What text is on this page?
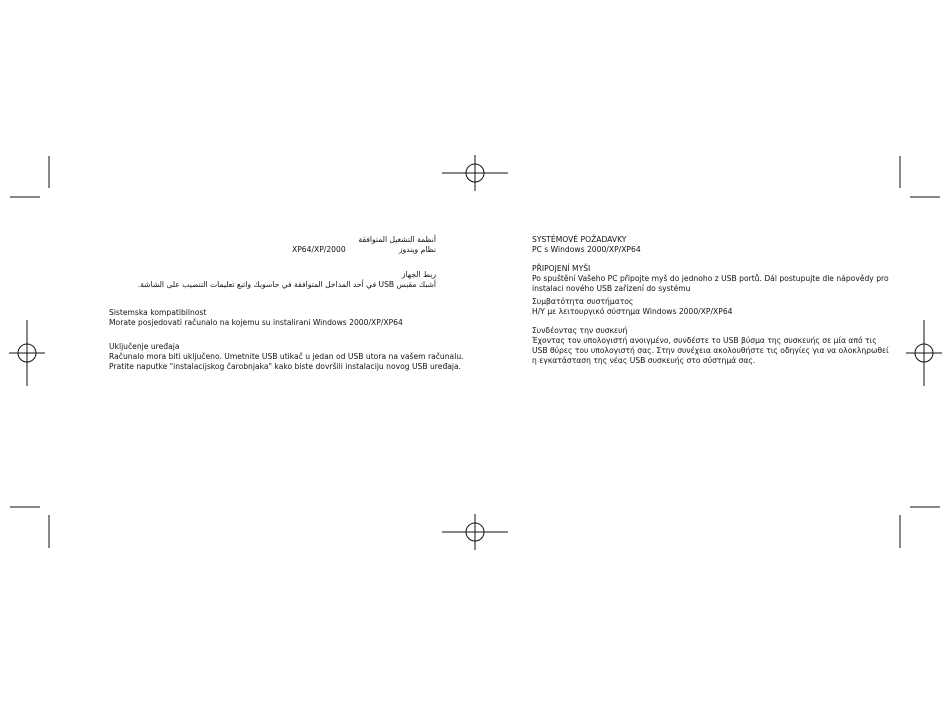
أنظمة التشغيل المتوافقة
نظام ويندوز
XP64/XP/2000
ربط الجهاز
أشبك مقبس USB في أحد المداخل المتوافقة في حاسوبك واتبع تعليمات التنصيب على الشاشة.
Sistemska kompatibilnost
Morate posjedovati računalo na kojemu su instalirani Windows 2000/XP/XP64
Uključenje uređaja
Računalo mora biti uključeno. Umetnite USB utikač u jedan od USB utora na vašem računalu.
Pratite naputke "instalacijskog čarobnjaka" kako biste dovršili instalaciju novog USB uređaja.
SYSTÉMOVÉ POŽADAVKY
PC s Windows 2000/XP/XP64
PŘIPOJENÍ MYŠI
Po spuštění Vašeho PC připojte myš do jednoho z USB portů. Dál postupujte dle nápovědy pro
instalaci nového USB zařízení do systému
Συμβατότητα συστήματος
Η/Υ με λειτουργικό σύστημα Windows 2000/XP/XP64
Συνδέοντας την συσκευή
Έχοντας τον υπολογιστή ανοιγμένο, συνδέστε το USB βύσμα της συσκευής σε μία από τις
USB θύρες του υπολογιστή σας. Στην συνέχεια ακολουθήστε τις οδηγίες για να ολοκληρωθεί
η εγκατάσταση της νέας USB συσκευής στο σύστημά σας.
